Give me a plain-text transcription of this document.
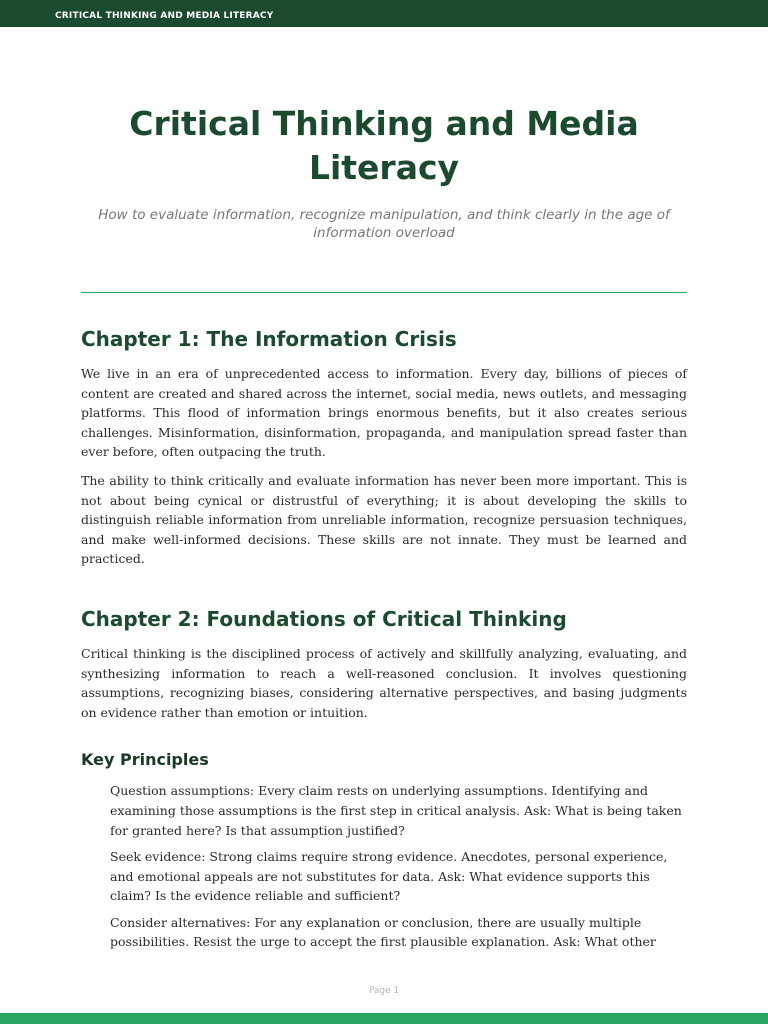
CRITICAL THINKING AND MEDIA LITERACY
Critical Thinking and Media Literacy

How to evaluate information, recognize manipulation, and think clearly in the age of information overload

Chapter 1: The Information Crisis

We live in an era of unprecedented access to information. Every day, billions of pieces of content are created and shared across the internet, social media, news outlets, and messaging platforms. This flood of information brings enormous benefits, but it also creates serious challenges. Misinformation, disinformation, propaganda, and manipulation spread faster than ever before, often outpacing the truth.

The ability to think critically and evaluate information has never been more important. This is not about being cynical or distrustful of everything; it is about developing the skills to distinguish reliable information from unreliable information, recognize persuasion techniques, and make well-informed decisions. These skills are not innate. They must be learned and practiced.

Chapter 2: Foundations of Critical Thinking

Critical thinking is the disciplined process of actively and skillfully analyzing, evaluating, and synthesizing information to reach a well-reasoned conclusion. It involves questioning assumptions, recognizing biases, considering alternative perspectives, and basing judgments on evidence rather than emotion or intuition.

Key Principles
Question assumptions: Every claim rests on underlying assumptions. Identifying and examining those assumptions is the first step in critical analysis. Ask: What is being taken for granted here? Is that assumption justified?
Seek evidence: Strong claims require strong evidence. Anecdotes, personal experience, and emotional appeals are not substitutes for data. Ask: What evidence supports this claim? Is the evidence reliable and sufficient?
Consider alternatives: For any explanation or conclusion, there are usually multiple possibilities. Resist the urge to accept the first plausible explanation. Ask: What other
Page 1
